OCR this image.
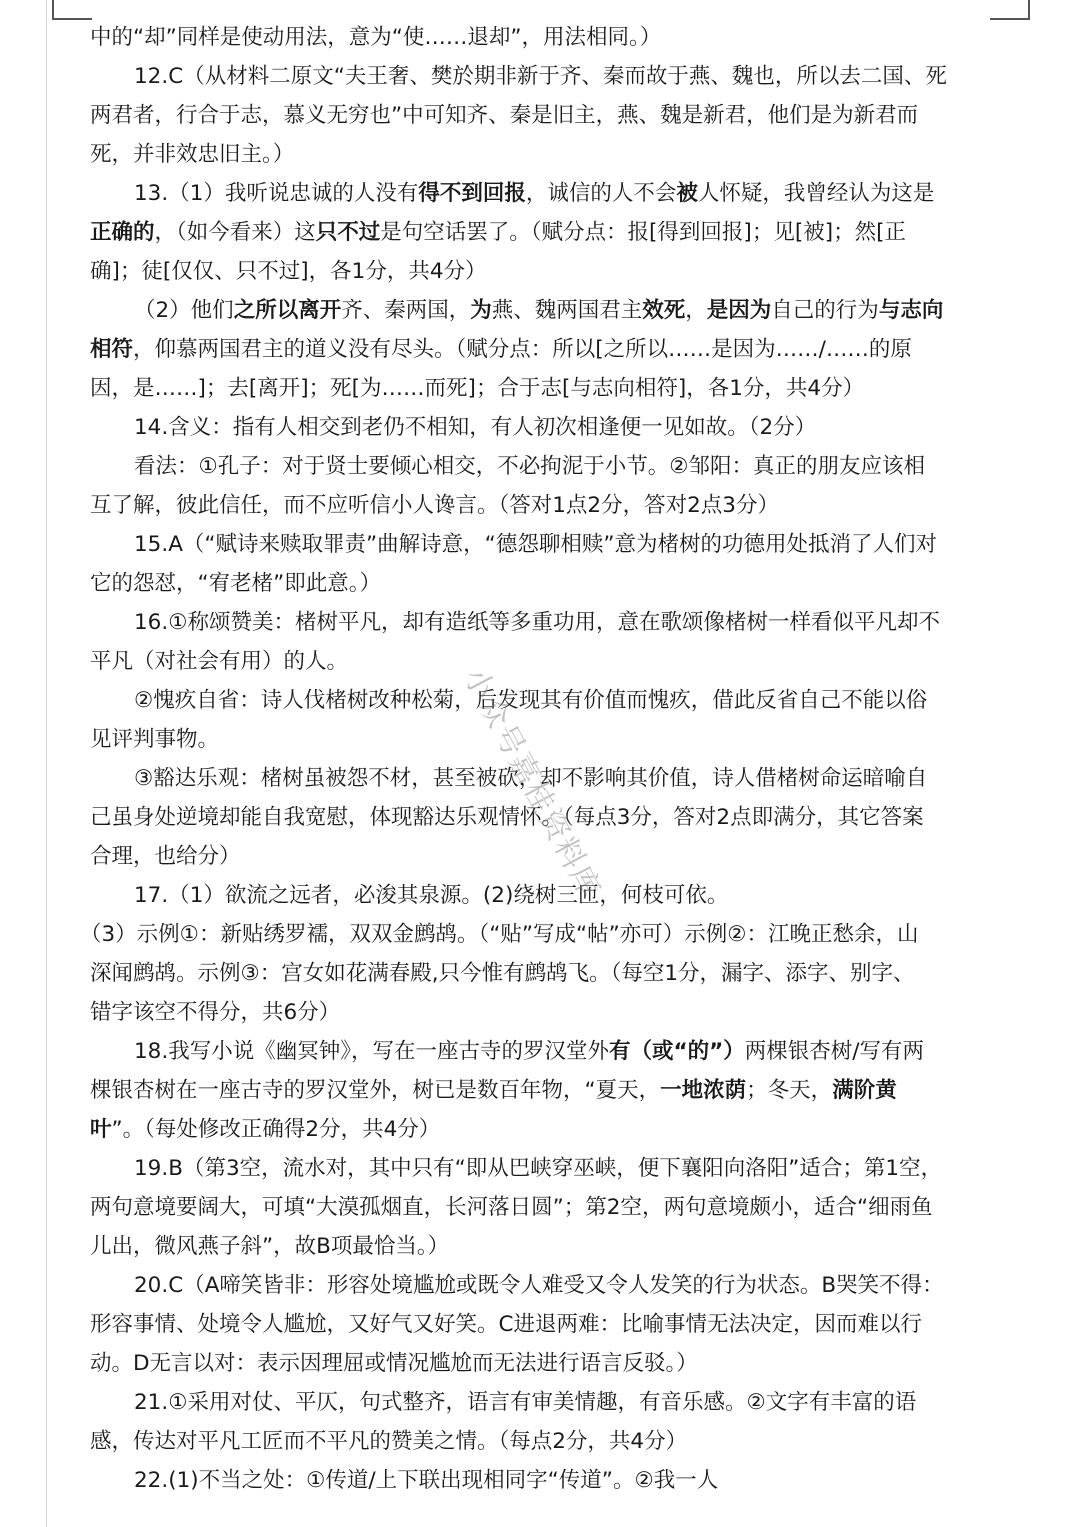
中的“却”同样是使动用法，意为“使……退却”，用法相同。）
12.C（从材料二原文“夫王奢、樊於期非新于齐、秦而故于燕、魏也，所以去二国、死
两君者，行合于志，慕义无穷也”中可知齐、秦是旧主，燕、魏是新君，他们是为新君而
死，并非效忠旧主。）
13.（1）我听说忠诚的人没有得不到回报，诚信的人不会被人怀疑，我曾经认为这是
正确的，（如今看来）这只不过是句空话罢了。（赋分点：报[得到回报]；见[被]；然[正
确]；徒[仅仅、只不过]，各1分，共4分）
（2）他们之所以离开齐、秦两国，为燕、魏两国君主效死，是因为自己的行为与志向
相符，仰慕两国君主的道义没有尽头。（赋分点：所以[之所以……是因为……/……的原
因，是……]；去[离开]；死[为……而死]；合于志[与志向相符]，各1分，共4分）
14.含义：指有人相交到老仍不相知，有人初次相逢便一见如故。（2分）
看法：①孔子：对于贤士要倾心相交，不必拘泥于小节。②邹阳：真正的朋友应该相
互了解，彼此信任，而不应听信小人谗言。（答对1点2分，答对2点3分）
15.A（“赋诗来赎取罪责”曲解诗意，“德怨聊相赎”意为楮树的功德用处抵消了人们对
它的怨怼，“宥老楮”即此意。）
16.①称颂赞美：楮树平凡，却有造纸等多重功用，意在歌颂像楮树一样看似平凡却不
平凡（对社会有用）的人。
②愧疚自省：诗人伐楮树改种松菊，后发现其有价值而愧疚，借此反省自己不能以俗
见评判事物。
③豁达乐观：楮树虽被怨不材，甚至被砍，却不影响其价值，诗人借楮树命运暗喻自
己虽身处逆境却能自我宽慰，体现豁达乐观情怀。（每点3分，答对2点即满分，其它答案
合理，也给分）
17.（1）欲流之远者，必浚其泉源。(2)绕树三匝，何枝可依。
（3）示例①：新贴绣罗襦，双双金鹧鸪。（“贴”写成“帖”亦可）示例②：江晚正愁余，山
深闻鹧鸪。示例③：宫女如花满春殿,只今惟有鹧鸪飞。（每空1分，漏字、添字、别字、
错字该空不得分，共6分）
18.我写小说《幽冥钟》，写在一座古寺的罗汉堂外有（或“的”）两棵银杏树/写有两
棵银杏树在一座古寺的罗汉堂外，树已是数百年物，“夏天，一地浓荫；冬天，满阶黄
叶”。（每处修改正确得2分，共4分）
19.B（第3空，流水对，其中只有“即从巴峡穿巫峡，便下襄阳向洛阳”适合；第1空，
两句意境要阔大，可填“大漠孤烟直，长河落日圆”；第2空，两句意境颇小，适合“细雨鱼
儿出，微风燕子斜”，故B项最恰当。）
20.C（A啼笑皆非：形容处境尴尬或既令人难受又令人发笑的行为状态。B哭笑不得：
形容事情、处境令人尴尬，又好气又好笑。C进退两难：比喻事情无法决定，因而难以行
动。D无言以对：表示因理屈或情况尴尬而无法进行语言反驳。）
21.①采用对仗、平仄，句式整齐，语言有审美情趣，有音乐感。②文字有丰富的语
感，传达对平凡工匠而不平凡的赞美之情。（每点2分，共4分）
22.(1)不当之处：①传道/上下联出现相同字“传道”。②我一人
小众号嘉桂资料库
